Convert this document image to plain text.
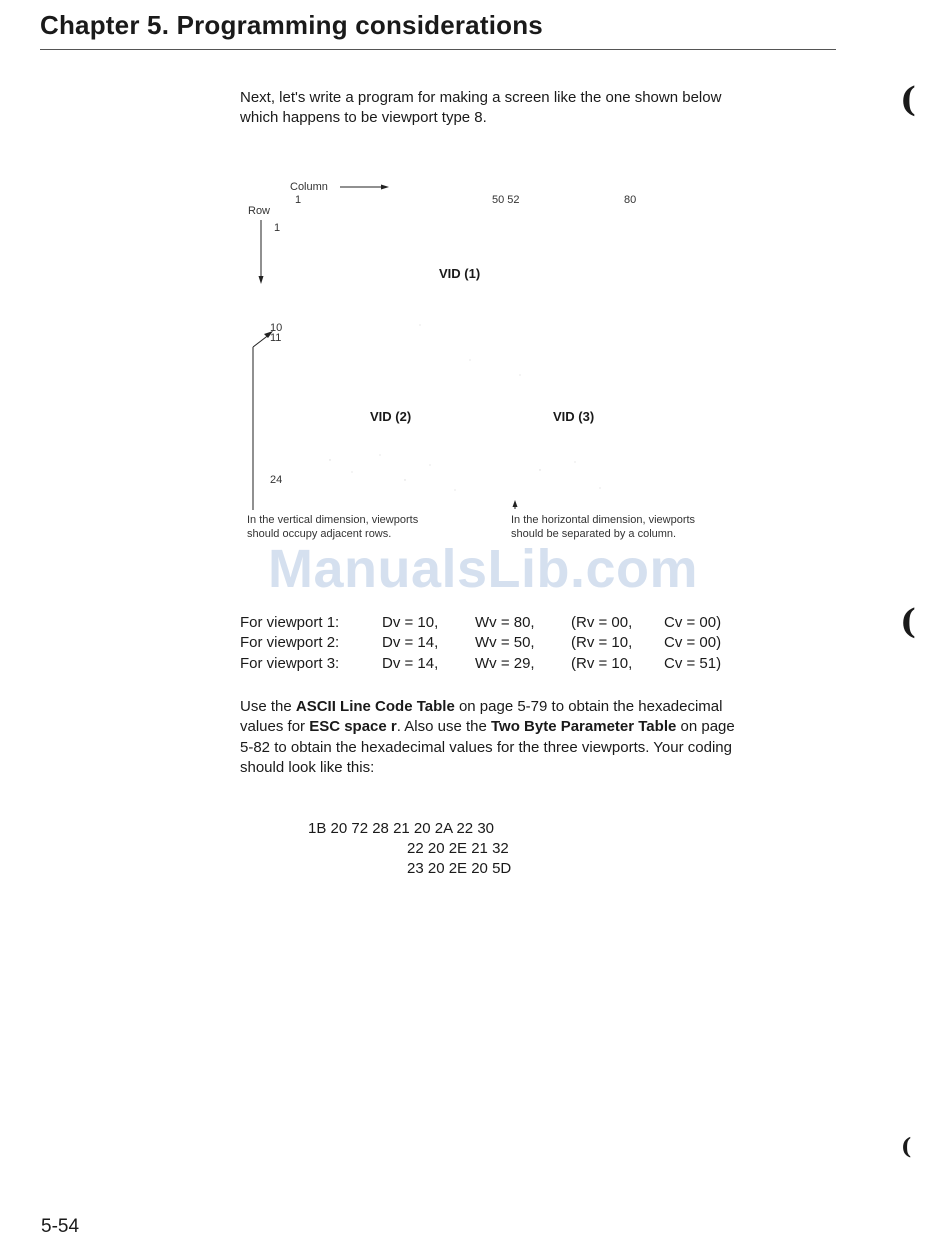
Chapter 5. Programming considerations
Next, let's write a program for making a screen like the one shown below
which happens to be viewport type 8.
Column
1	50 52	80
Row
1
VID (1)
10
11
VID (2)	VID (3)
24
In the vertical dimension, viewports
should occupy adjacent rows.
In the horizontal dimension, viewports
should be separated by a column.
ManualsLib.com
For viewport 1:	Dv = 10, Wv = 80, (Rv = 00, Cv = 00)
For viewport 2:	Dv = 14, Wv = 50, (Rv = 10, Cv = 00)
For viewport 3:	Dv = 14, Wv = 29, (Rv = 10, Cv = 51)
Use the ASCII Line Code Table on page 5-79 to obtain the hexadecimal
values for ESC space r. Also use the Two Byte Parameter Table on page
5-82 to obtain the hexadecimal values for the three viewports. Your coding
should look like this:
1B 20 72 28 21 20 2A 22 30
22 20 2E 21 32
23 20 2E 20 5D
(
(
(
5-54
